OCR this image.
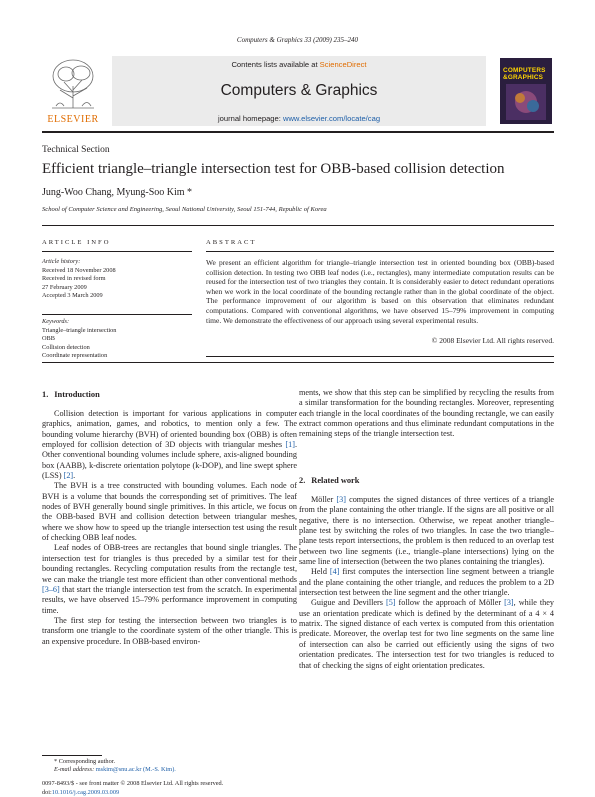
Computers & Graphics 33 (2009) 235–240
ELSEVIER
Contents lists available at ScienceDirect
Computers & Graphics
journal homepage: www.elsevier.com/locate/cag
COMPUTERS
&GRAPHICS
Technical Section
Efficient triangle–triangle intersection test for OBB-based collision detection
Jung-Woo Chang, Myung-Soo Kim *
School of Computer Science and Engineering, Seoul National University, Seoul 151-744, Republic of Korea
ARTICLE INFO
Article history:
Received 18 November 2008
Received in revised form
27 February 2009
Accepted 3 March 2009
Keywords:
Triangle–triangle intersection
OBB
Collision detection
Coordinate representation
ABSTRACT
We present an efficient algorithm for triangle–triangle intersection test in oriented bounding box (OBB)-based collision detection. In testing two OBB leaf nodes (i.e., rectangles), many intermediate computation results can be reused for the intersection test of two triangles they contain. It is considerably easier to detect redundant operations when we work in the local coordinate of the bounding rectangle rather than in the global coordinate of the object. The performance improvement of our algorithm is based on this observation that eliminates redundant computations. Compared with conventional algorithms, we have observed 15–79% improvement in computing time. We demonstrate the effectiveness of our approach using several experimental results.
© 2008 Elsevier Ltd. All rights reserved.
1. Introduction

Collision detection is important for various applications in computer graphics, animation, games, and robotics, to mention only a few. The bounding volume hierarchy (BVH) of oriented bounding box (OBB) is often employed for collision detection of 3D objects with triangular meshes [1]. Other conventional bounding volumes include sphere, axis-aligned bounding box (AABB), k-discrete orientation polytope (k-DOP), and line swept sphere (LSS) [2].

The BVH is a tree constructed with bounding volumes. Each node of BVH is a volume that bounds the corresponding set of primitives. The leaf nodes of BVH generally bound single primitives. In this article, we focus on the OBB-based BVH and collision detection between triangular meshes, where we show how to speed up the triangle intersection test using the result of checking OBB leaf nodes.

Leaf nodes of OBB-trees are rectangles that bound single triangles. The intersection test for triangles is thus preceded by a similar test for their bounding rectangles. Recycling computation results from the rectangle test, we can make the triangle test more efficient than other conventional methods [3–6] that start the triangle intersection test from the scratch. In experimental results, we have observed 15–79% performance improvement in computing time.

The first step for testing the intersection between two triangles is to transform one triangle to the coordinate system of the other triangle. This is an expensive procedure. In OBB-based environ-

ments, we show that this step can be simplified by recycling the results from a similar transformation for the bounding rectangles. Moreover, representing each triangle in the local coordinates of the bounding rectangle, we can easily extract common operations and thus eliminate redundant computations in the remaining steps of the triangle intersection test.

2. Related work

Möller [3] computes the signed distances of three vertices of a triangle from the plane containing the other triangle. If the signs are all positive or all negative, there is no intersection. Otherwise, we repeat another triangle–plane test by switching the roles of two triangles. In case the two triangle–plane tests report intersections, the problem is then reduced to an overlap test between two line segments (i.e., triangle–plane intersections) lying on the same line of intersection (between the two planes containing the triangles).

Held [4] first computes the intersection line segment between a triangle and the plane containing the other triangle, and reduces the problem to a 2D intersection test between the line segment and the other triangle.

Guigue and Devillers [5] follow the approach of Möller [3], while they use an orientation predicate which is defined by the determinant of a 4 × 4 matrix. The signed distance of each vertex is computed from this orientation predicate. Moreover, the overlap test for two line segments on the same line of intersection can also be carried out efficiently using the signs of two orientation predicates. The intersection test for two triangles is reduced to that of checking the signs of eight orientation predicates.

* Corresponding author.
E-mail address: mskim@snu.ac.kr (M.-S. Kim).
0097-8493/$ - see front matter © 2008 Elsevier Ltd. All rights reserved.
doi:10.1016/j.cag.2009.03.009
